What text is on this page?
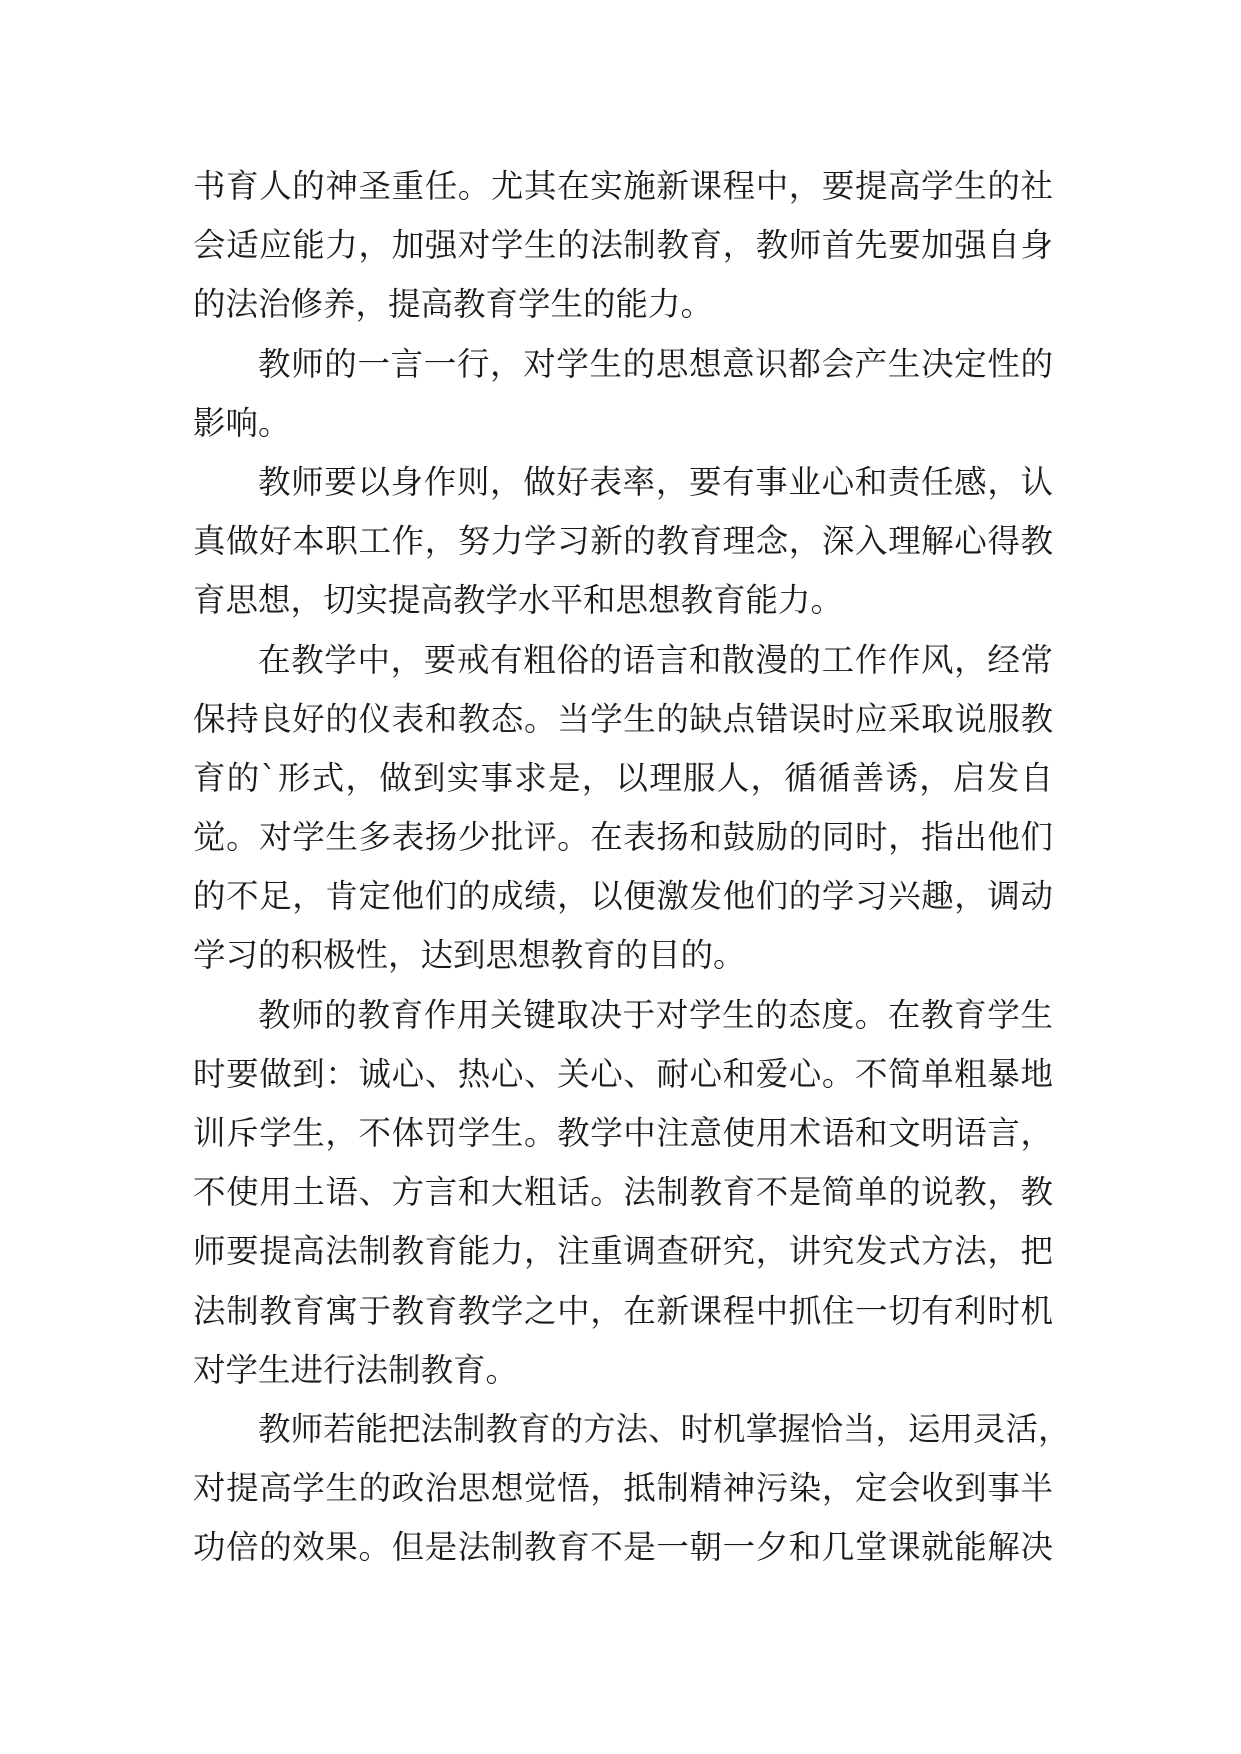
书育人的神圣重任。尤其在实施新课程中，要提高学生的社
会适应能力，加强对学生的法制教育，教师首先要加强自身
的法治修养，提高教育学生的能力。

教师的一言一行，对学生的思想意识都会产生决定性的
影响。

教师要以身作则，做好表率，要有事业心和责任感，认
真做好本职工作，努力学习新的教育理念，深入理解心得教
育思想，切实提高教学水平和思想教育能力。

在教学中，要戒有粗俗的语言和散漫的工作作风，经常
保持良好的仪表和教态。当学生的缺点错误时应采取说服教
育的`形式，做到实事求是，以理服人，循循善诱，启发自
觉。对学生多表扬少批评。在表扬和鼓励的同时，指出他们
的不足，肯定他们的成绩，以便激发他们的学习兴趣，调动
学习的积极性，达到思想教育的目的。

教师的教育作用关键取决于对学生的态度。在教育学生
时要做到：诚心、热心、关心、耐心和爱心。不简单粗暴地
训斥学生，不体罚学生。教学中注意使用术语和文明语言，
不使用土语、方言和大粗话。法制教育不是简单的说教，教
师要提高法制教育能力，注重调查研究，讲究发式方法，把
法制教育寓于教育教学之中，在新课程中抓住一切有利时机
对学生进行法制教育。

教师若能把法制教育的方法、时机掌握恰当，运用灵活，
对提高学生的政治思想觉悟，抵制精神污染，定会收到事半
功倍的效果。但是法制教育不是一朝一夕和几堂课就能解决
